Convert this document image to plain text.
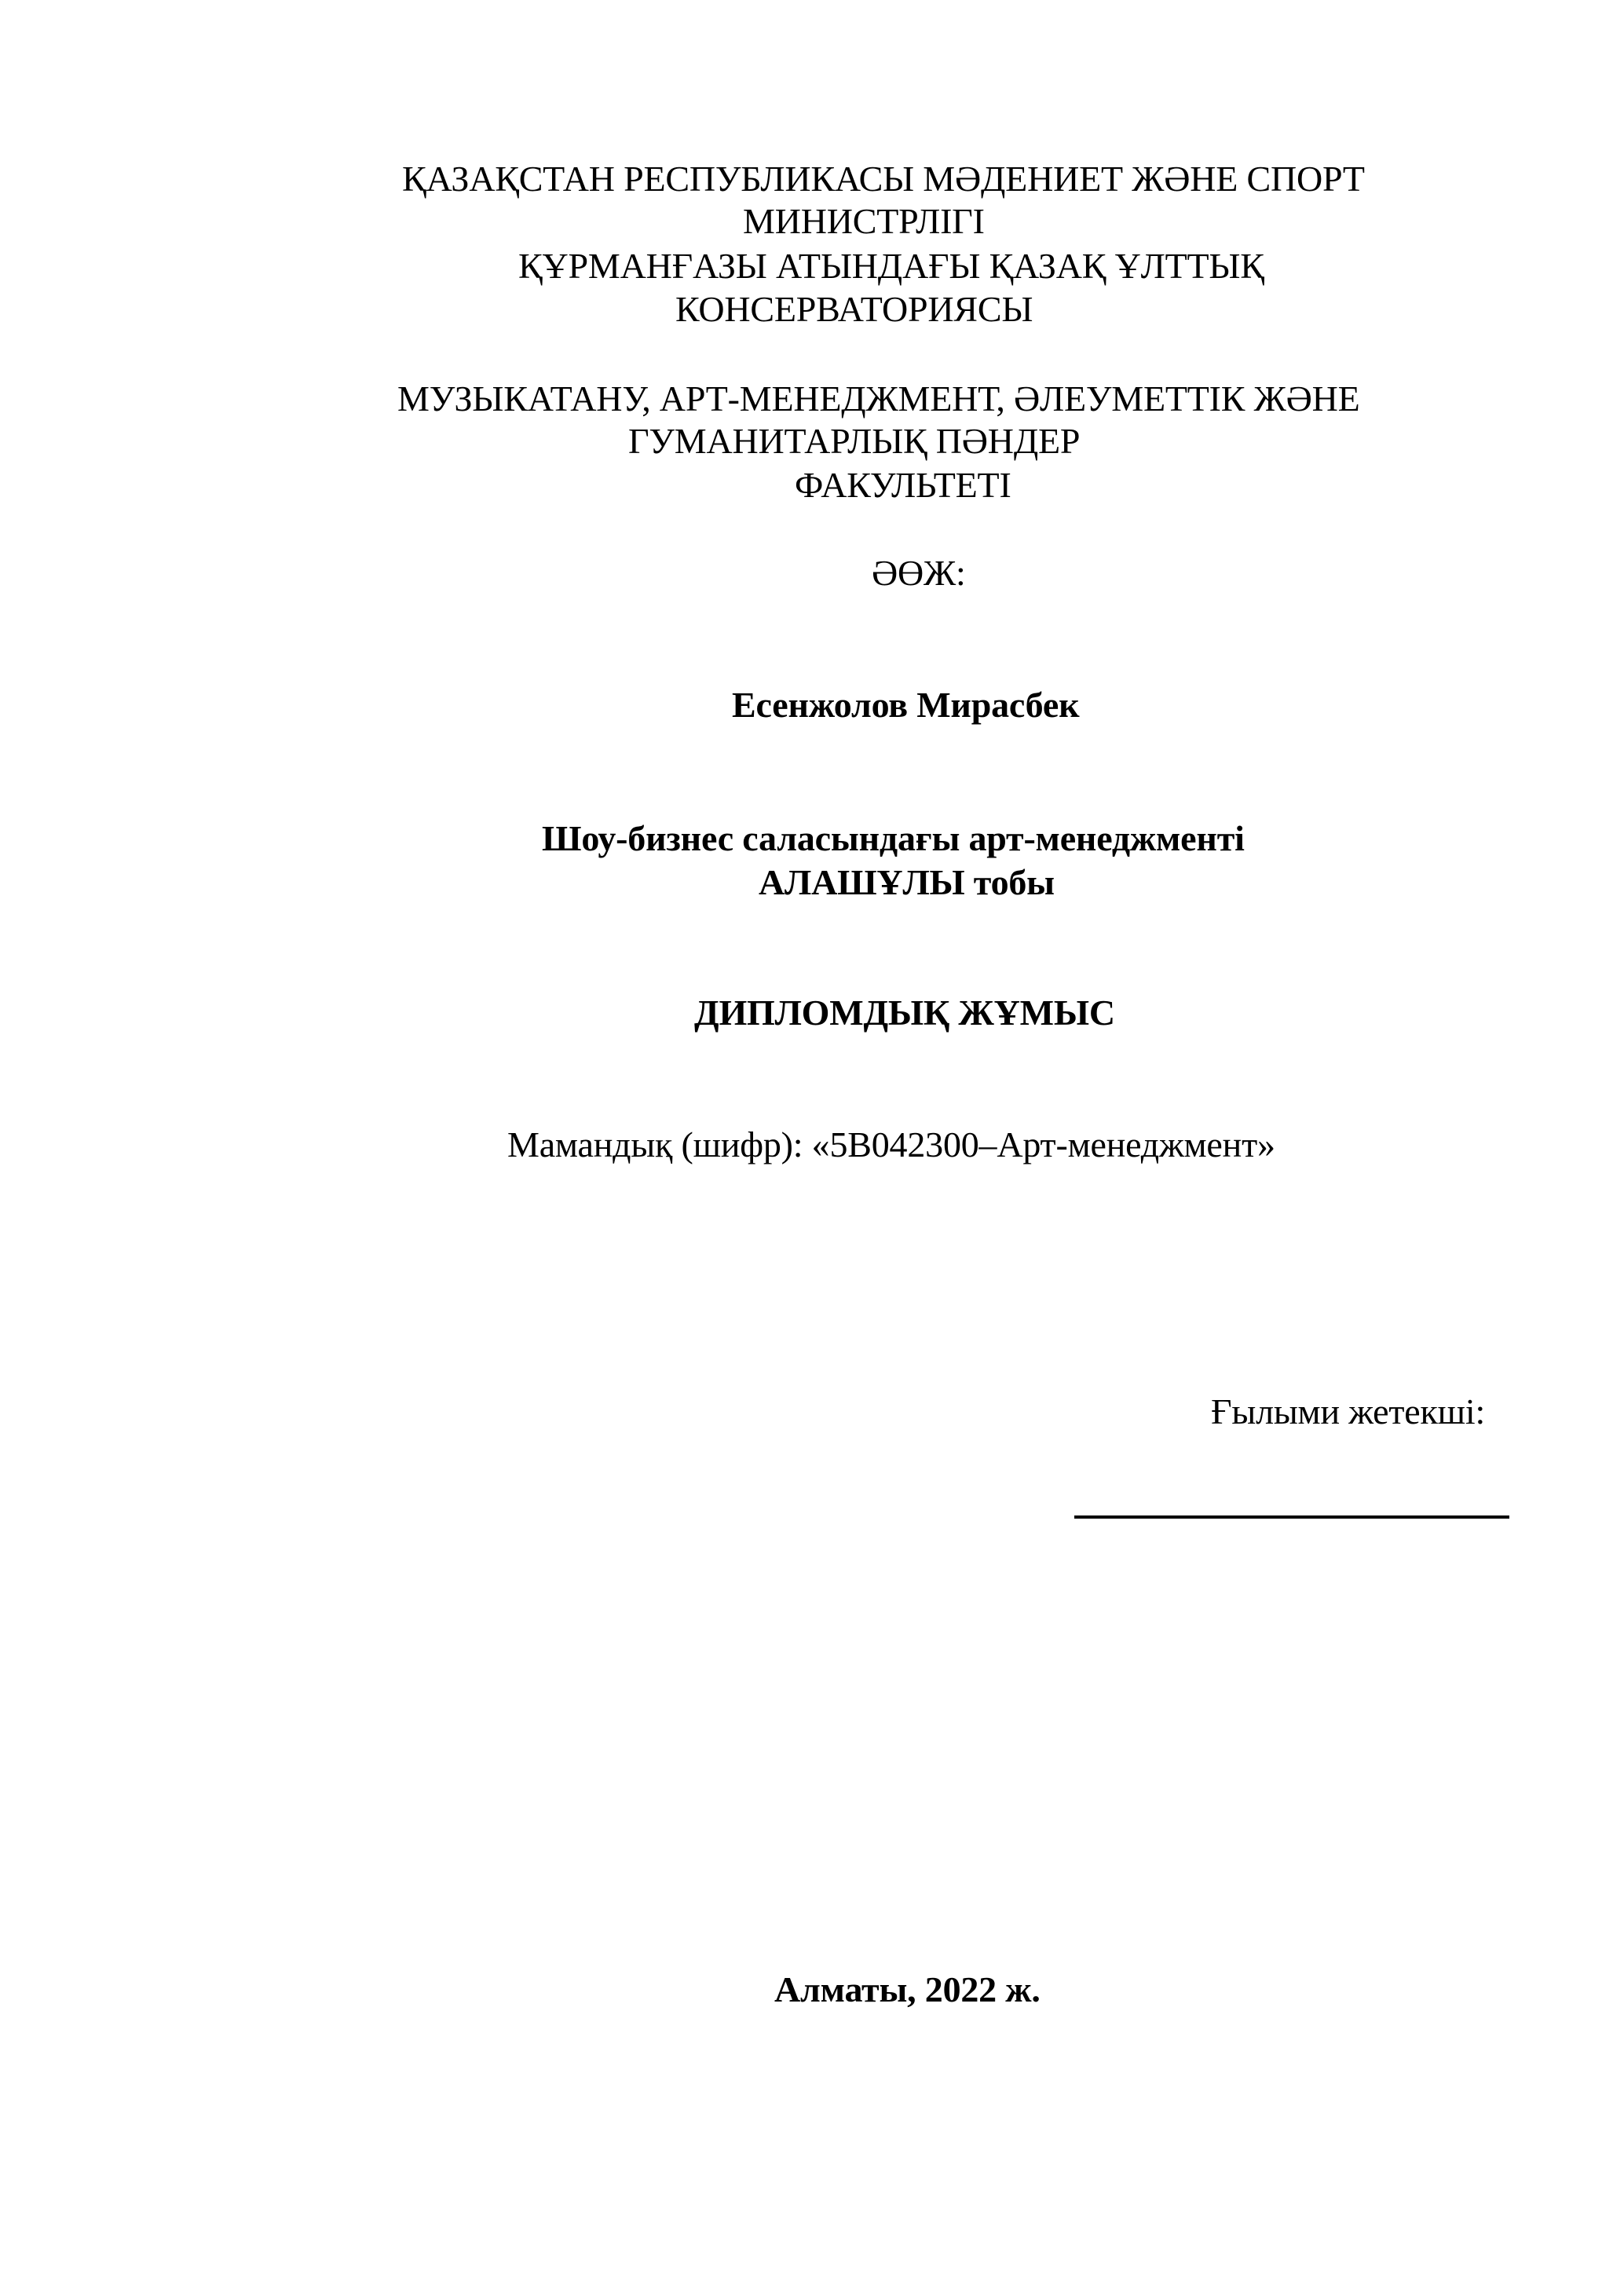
ҚАЗАҚСТАН РЕСПУБЛИКАСЫ МӘДЕНИЕТ ЖӘНЕ СПОРТ
МИНИСТРЛІГІ
ҚҰРМАНҒАЗЫ АТЫНДАҒЫ ҚАЗАҚ ҰЛТТЫҚ
КОНСЕРВАТОРИЯСЫ
МУЗЫКАТАНУ, АРТ-МЕНЕДЖМЕНТ, ӘЛЕУМЕТТІК ЖӘНЕ
ГУМАНИТАРЛЫҚ ПӘНДЕР
ФАКУЛЬТЕТІ
ӘӨЖ:
Есенжолов Мирасбек
Шоу-бизнес саласындағы арт-менеджменті
АЛАШҰЛЫ тобы
ДИПЛОМДЫҚ ЖҰМЫС
Мамандық (шифр): «5В042300–Арт-менеджмент»
Ғылыми жетекші:
Алматы, 2022 ж.
